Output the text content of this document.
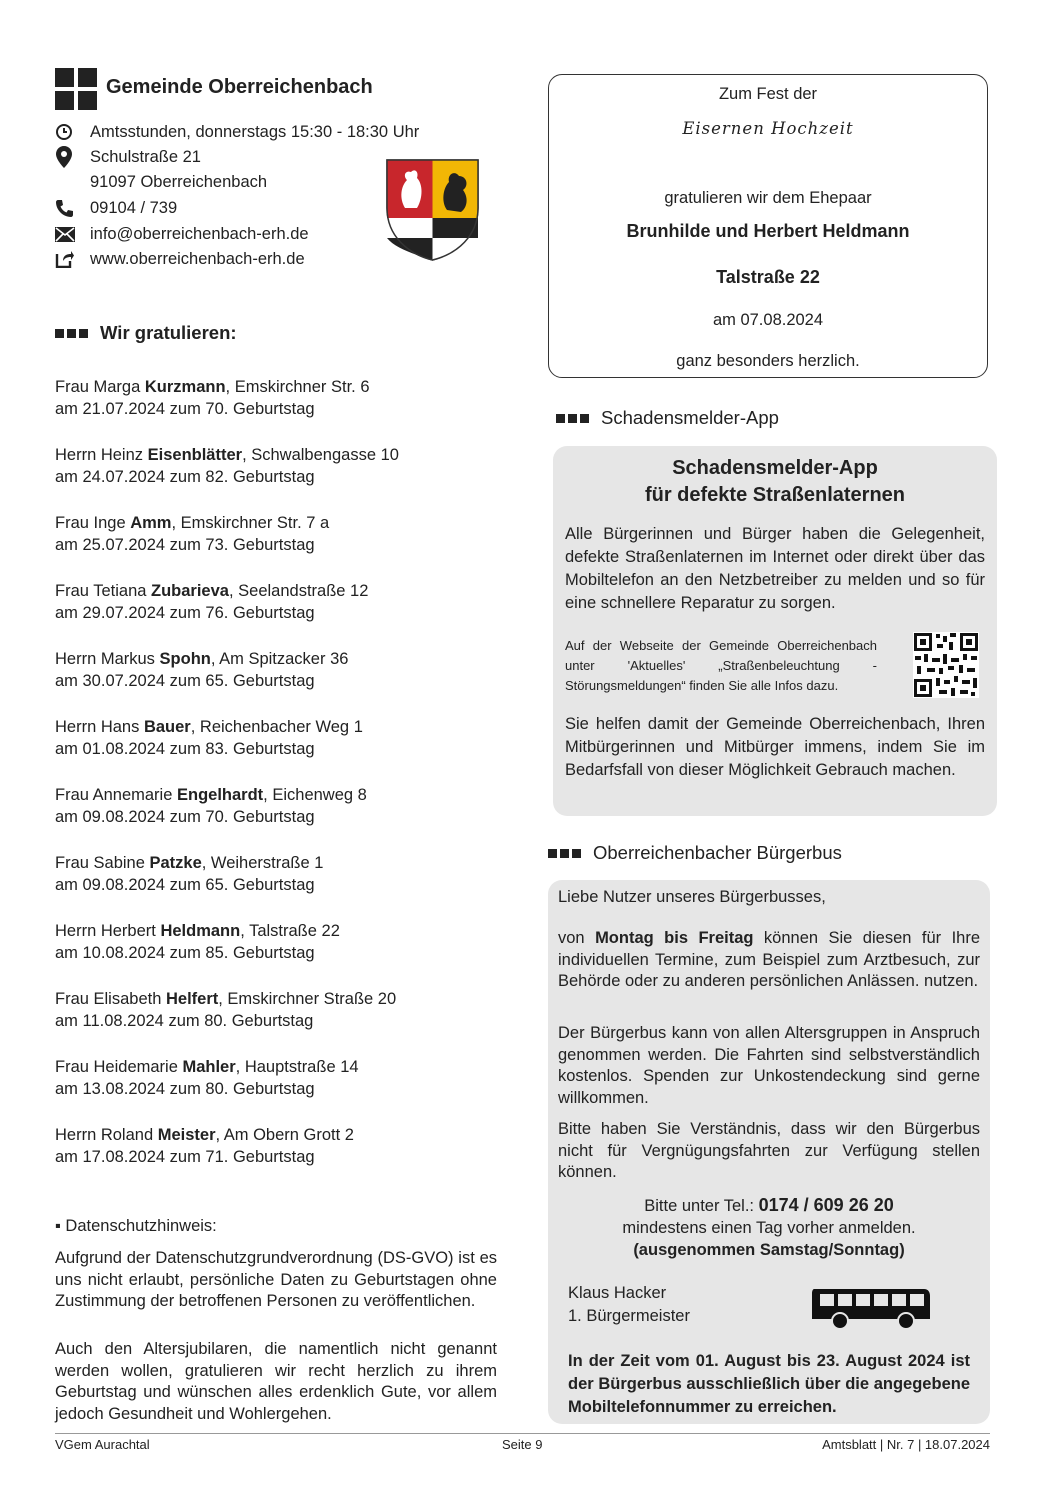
Gemeinde Oberreichenbach
Amtsstunden, donnerstags 15:30 - 18:30 Uhr
Schulstraße 21
91097 Oberreichenbach
09104 / 739
info@oberreichenbach-erh.de
www.oberreichenbach-erh.de
Wir gratulieren:
Frau Marga Kurzmann, Emskirchner Str. 6
am 21.07.2024 zum 70. Geburtstag
Herrn Heinz Eisenblätter, Schwalbengasse 10
am 24.07.2024 zum 82. Geburtstag
Frau Inge Amm, Emskirchner Str. 7 a
am 25.07.2024 zum 73. Geburtstag
Frau Tetiana Zubarieva, Seelandstraße 12
am 29.07.2024 zum 76. Geburtstag
Herrn Markus Spohn, Am Spitzacker 36
am 30.07.2024 zum 65. Geburtstag
Herrn Hans Bauer, Reichenbacher Weg 1
am 01.08.2024 zum 83. Geburtstag
Frau Annemarie Engelhardt, Eichenweg 8
am 09.08.2024 zum 70. Geburtstag
Frau Sabine Patzke, Weiherstraße 1
am 09.08.2024 zum 65. Geburtstag
Herrn Herbert Heldmann, Talstraße 22
am 10.08.2024 zum 85. Geburtstag
Frau Elisabeth Helfert, Emskirchner Straße 20
am 11.08.2024 zum 80. Geburtstag
Frau Heidemarie Mahler, Hauptstraße 14
am 13.08.2024 zum 80. Geburtstag
Herrn Roland Meister, Am Obern Grott 2
am 17.08.2024 zum 71. Geburtstag
▪ Datenschutzhinweis:
Aufgrund der Datenschutzgrundverordnung (DS-GVO) ist es uns nicht erlaubt, persönliche Daten zu Geburtstagen ohne Zustimmung der betroffenen Personen zu veröffentlichen.
Auch den Altersjubilaren, die namentlich nicht genannt werden wollen, gratulieren wir recht herzlich zu ihrem Geburtstag und wünschen alles erdenklich Gute, vor allem jedoch Gesundheit und Wohlergehen.
Zum Fest der
Eisernen Hochzeit
gratulieren wir dem Ehepaar
Brunhilde und Herbert Heldmann
Talstraße 22
am 07.08.2024
ganz besonders herzlich.
Schadensmelder-App
Schadensmelder-App
für defekte Straßenlaternen
Alle Bürgerinnen und Bürger haben die Gelegenheit, defekte Straßenlaternen im Internet oder direkt über das Mobiltelefon an den Netzbetreiber zu melden und so für eine schnellere Reparatur zu sorgen.
Auf der Webseite der Gemeinde Oberreichenbach unter 'Aktuelles' „Straßenbeleuchtung - Störungsmeldungen“ finden Sie alle Infos dazu.
Sie helfen damit der Gemeinde Oberreichenbach, Ihren Mitbürgerinnen und Mitbürger immens, indem Sie im Bedarfsfall von dieser Möglichkeit Gebrauch machen.
Oberreichenbacher Bürgerbus
Liebe Nutzer unseres Bürgerbusses,
von Montag bis Freitag können Sie diesen für Ihre individuellen Termine, zum Beispiel zum Arztbesuch, zur Behörde oder zu anderen persönlichen Anlässen. nutzen.
Der Bürgerbus kann von allen Altersgruppen in Anspruch genommen werden. Die Fahrten sind selbstverständlich kostenlos. Spenden zur Unkostendeckung sind gerne willkommen.
Bitte haben Sie Verständnis, dass wir den Bürgerbus nicht für Vergnügungsfahrten zur Verfügung stellen können.
Bitte unter Tel.: 0174 / 609 26 20
mindestens einen Tag vorher anmelden.
(ausgenommen Samstag/Sonntag)
Klaus Hacker
1. Bürgermeister
In der Zeit vom 01. August bis 23. August 2024 ist der Bürgerbus ausschließlich über die angegebene Mobiltelefonnummer zu erreichen.
VGem Aurachtal	Seite 9	Amtsblatt | Nr. 7 | 18.07.2024
